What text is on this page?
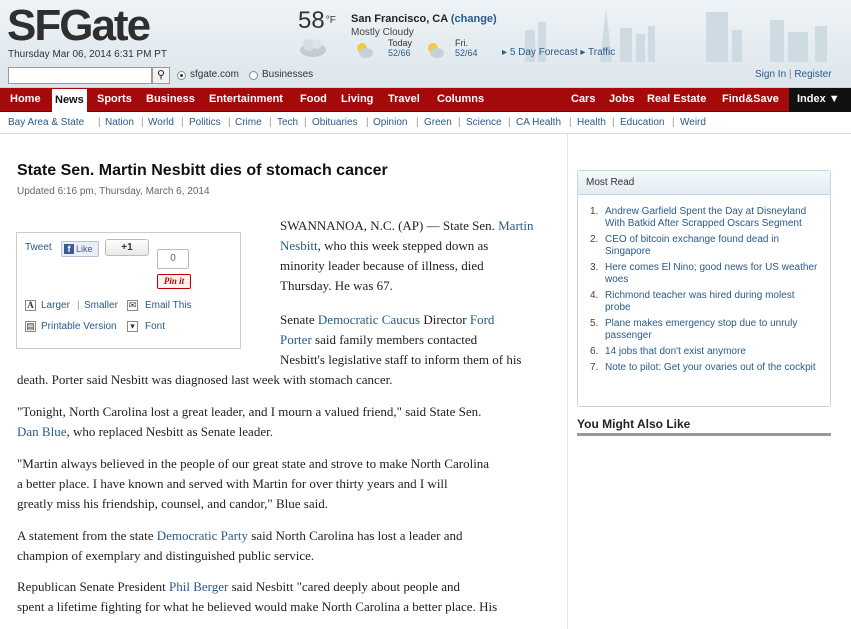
SFGate
Thursday Mar 06, 2014 6:31 PM PT
$58^{^\circ F}$ San Francisco, CA (change)
Mostly Cloudy
Today
52/66
Fri.
52/64 ▸ 5 Day Forecast ▸ Traffic
⚲	sfgate.com Businesses	Sign In | Register
Home News Sports Business Entertainment Food Living Travel Columns	Cars Jobs Real Estate Find&Save	Index ▼
Bay Area & State | Nation | World | Politics | Crime | Tech | Obituaries | Opinion | Green | Science | CA Health | Health | Education | Weird
State Sen. Martin Nesbitt dies of stomach cancer
Updated 6:16 pm, Thursday, March 6, 2014
Tweet	f Like	+1
0
Pin it
A Larger | Smaller ✉ Email This
▤ Printable Version	▾	Font
SWANNANOA, N.C. (AP) — State Sen. Martin
Nesbitt, who this week stepped down as
minority leader because of illness, died
Thursday. He was 67.
Senate Democratic Caucus Director Ford
Porter said family members contacted
Nesbitt's legislative staff to inform them of his
death. Porter said Nesbitt was diagnosed last week with stomach cancer.
"Tonight, North Carolina lost a great leader, and I mourn a valued friend," said State Sen.
Dan Blue, who replaced Nesbitt as Senate leader.
"Martin always believed in the people of our great state and strove to make North Carolina
a better place. I have known and served with Martin for over thirty years and I will
greatly miss his friendship, counsel, and candor," Blue said.
A statement from the state Democratic Party said North Carolina has lost a leader and
champion of exemplary and distinguished public service.
Republican Senate President Phil Berger said Nesbitt "cared deeply about people and
spent a lifetime fighting for what he believed would make North Carolina a better place. His
Most Read
1. Andrew Garfield Spent the Day at Disneyland With Batkid After Scrapped Oscars Segment
2. CEO of bitcoin exchange found dead in Singapore
3. Here comes El Nino; good news for US weather woes
4. Richmond teacher was hired during molest probe
5. Plane makes emergency stop due to unruly passenger
6. 14 jobs that don't exist anymore
7. Note to pilot: Get your ovaries out of the cockpit
You Might Also Like
